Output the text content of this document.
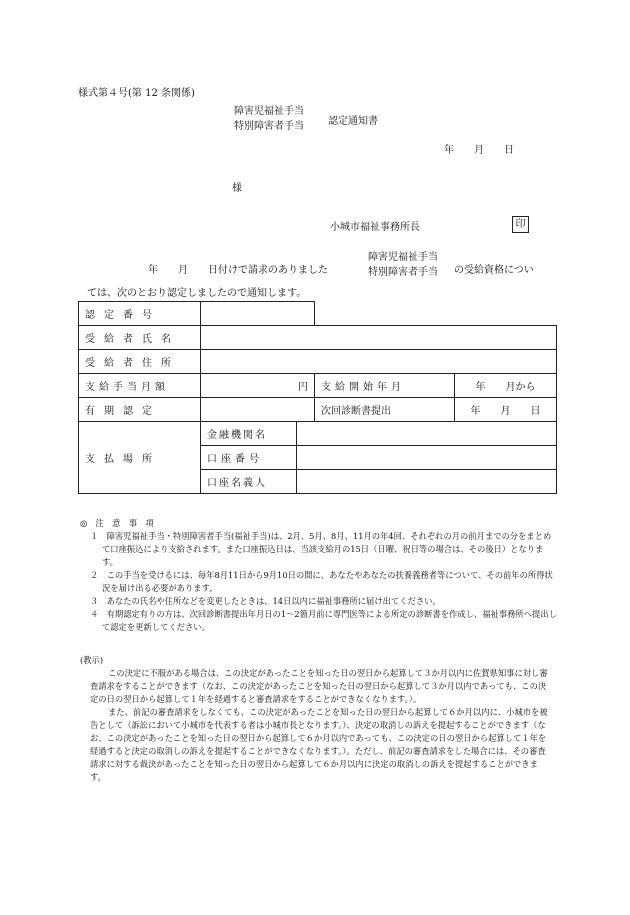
様式第４号(第 12 条関係)
障害児福祉手当
特別障害者手当 認定通知書
年　　月　　日
様
小城市福祉事務所長	印
年　　月　　日付けで請求のありました
障害児福祉手当
特別障害者手当 の受給資格につい
ては、次のとおり認定しましたので通知します。
認定番号				
受給者氏名				
受給者住所				
支給手当月額	円		支給開始年月	年　　月から
有期認定			次回診断書提出	年　　月　　日
支払場所	金融機関名			
	口座番号			
	口座名義人			
◎　注　意　事　項

１　障害児福祉手当・特別障害者手当(福祉手当)は、2月、5月、8月、11月の年4回、それぞれの月の前月までの分をまとめて口座振込により支給されます。また口座振込日は、当該支給月の15日（日曜、祝日等の場合は、その後日）となります。

２　この手当を受けるには、毎年8月11日から9月10日の間に、あなたやあなたの扶養義務者等について、その前年の所得状況を届け出る必要があります。

３　あなたの氏名や住所などを変更したときは、14日以内に福祉事務所に届け出てください。

４　有期認定有りの方は、次回診断書提出年月日の1～2箇月前に専門医等による所定の診断書を作成し、福祉事務所へ提出して認定を更新してください。

(教示)

この決定に不服がある場合は、この決定があったことを知った日の翌日から起算して３か月以内に佐賀県知事に対し審査請求をすることができます（なお、この決定があったことを知った日の翌日から起算して３か月以内であっても、この決定の日の翌日から起算して１年を経過すると審査請求をすることができなくなります。）。

また、前記の審査請求をしなくても、この決定があったことを知った日の翌日から起算して６か月以内に、小城市を被告として（訴訟において小城市を代表する者は小城市長となります。）、決定の取消しの訴えを提起することができます（なお、この決定があったことを知った日の翌日から起算して６か月以内であっても、この決定の日の翌日から起算して１年を経過すると決定の取消しの訴えを提起することができなくなります。）。ただし、前記の審査請求をした場合には、その審査請求に対する裁決があったことを知った日の翌日から起算して６か月以内に決定の取消しの訴えを提起することができます。
